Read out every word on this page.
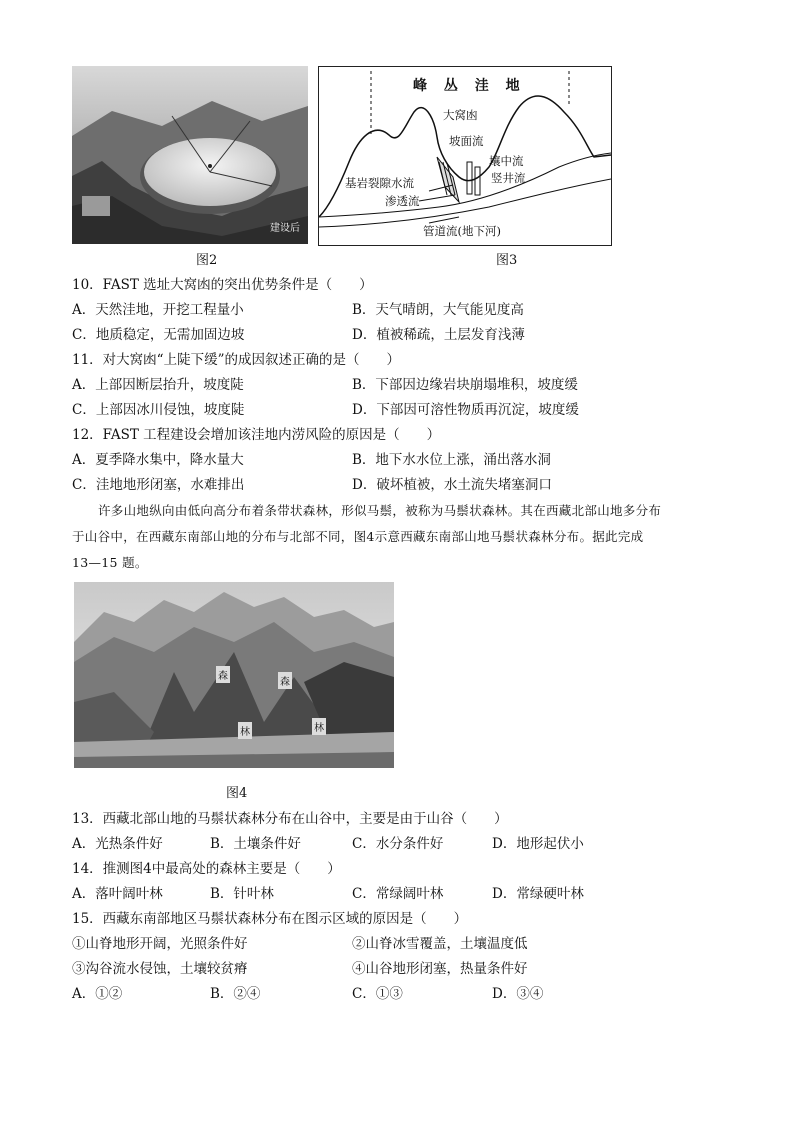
建设后
图2
峰 丛 洼 地
大窝凼
坡面流
壤中流
竖井流
基岩裂隙水流
渗透流
管道流(地下河)
图3
10．FAST 选址大窝凼的突出优势条件是（　　）
A．天然洼地，开挖工程量小	B．天气晴朗，大气能见度高
C．地质稳定，无需加固边坡	D．植被稀疏，土层发育浅薄
11．对大窝凼“上陡下缓”的成因叙述正确的是（　　）
A．上部因断层抬升，坡度陡	B．下部因边缘岩块崩塌堆积，坡度缓
C．上部因冰川侵蚀，坡度陡	D．下部因可溶性物质再沉淀，坡度缓
12．FAST 工程建设会增加该洼地内涝风险的原因是（　　）
A．夏季降水集中，降水量大	B．地下水水位上涨，涌出落水洞
C．洼地地形闭塞，水难排出	D．破坏植被，水土流失堵塞洞口
许多山地纵向由低向高分布着条带状森林，形似马鬃，被称为马鬃状森林。其在西藏北部山地多分布
于山谷中，在西藏东南部山地的分布与北部不同，图4示意西藏东南部山地马鬃状森林分布。据此完成
13—15 题。
森
森
林	林
图4
13．西藏北部山地的马鬃状森林分布在山谷中，主要是由于山谷（　　）
A．光热条件好	B．土壤条件好	C．水分条件好	D．地形起伏小
14．推测图4中最高处的森林主要是（　　）
A．落叶阔叶林	B．针叶林	C．常绿阔叶林	D．常绿硬叶林
15．西藏东南部地区马鬃状森林分布在图示区域的原因是（　　）
①山脊地形开阔，光照条件好	②山脊冰雪覆盖，土壤温度低
③沟谷流水侵蚀，土壤较贫瘠	④山谷地形闭塞，热量条件好
A．①②	B．②④	C．①③	D．③④
